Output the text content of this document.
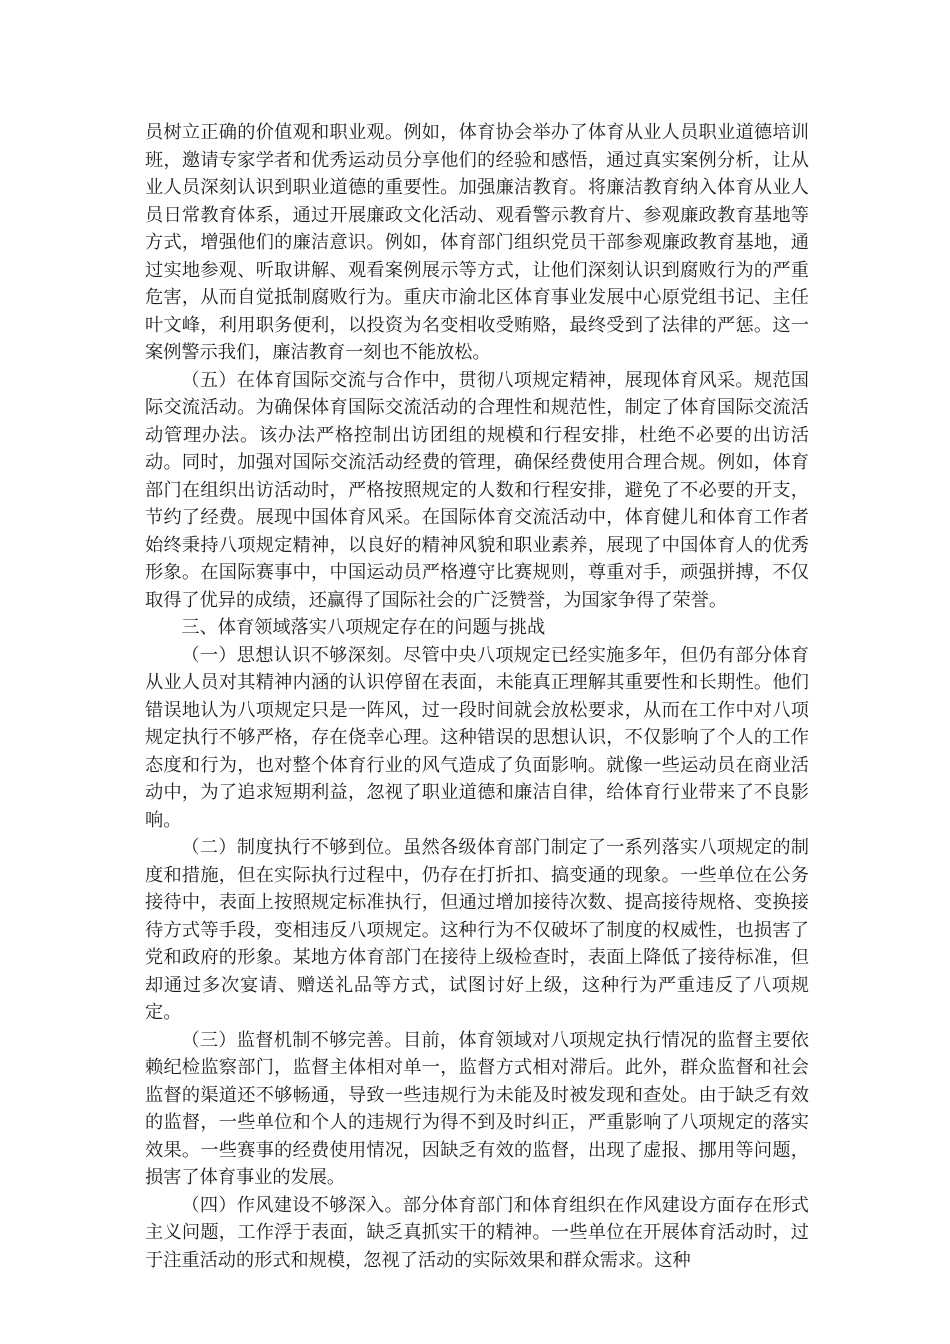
员树立正确的价值观和职业观。例如，体育协会举办了体育从业人员职业道德培训班，邀请专家学者和优秀运动员分享他们的经验和感悟，通过真实案例分析，让从业人员深刻认识到职业道德的重要性。加强廉洁教育。将廉洁教育纳入体育从业人员日常教育体系，通过开展廉政文化活动、观看警示教育片、参观廉政教育基地等方式，增强他们的廉洁意识。例如，体育部门组织党员干部参观廉政教育基地，通过实地参观、听取讲解、观看案例展示等方式，让他们深刻认识到腐败行为的严重危害，从而自觉抵制腐败行为。重庆市渝北区体育事业发展中心原党组书记、主任叶文峰，利用职务便利，以投资为名变相收受贿赂，最终受到了法律的严惩。这一案例警示我们，廉洁教育一刻也不能放松。

（五）在体育国际交流与合作中，贯彻八项规定精神，展现体育风采。规范国际交流活动。为确保体育国际交流活动的合理性和规范性，制定了体育国际交流活动管理办法。该办法严格控制出访团组的规模和行程安排，杜绝不必要的出访活动。同时，加强对国际交流活动经费的管理，确保经费使用合理合规。例如，体育部门在组织出访活动时，严格按照规定的人数和行程安排，避免了不必要的开支，节约了经费。展现中国体育风采。在国际体育交流活动中，体育健儿和体育工作者始终秉持八项规定精神，以良好的精神风貌和职业素养，展现了中国体育人的优秀形象。在国际赛事中，中国运动员严格遵守比赛规则，尊重对手，顽强拼搏，不仅取得了优异的成绩，还赢得了国际社会的广泛赞誉，为国家争得了荣誉。

三、体育领域落实八项规定存在的问题与挑战

（一）思想认识不够深刻。尽管中央八项规定已经实施多年，但仍有部分体育从业人员对其精神内涵的认识停留在表面，未能真正理解其重要性和长期性。他们错误地认为八项规定只是一阵风，过一段时间就会放松要求，从而在工作中对八项规定执行不够严格，存在侥幸心理。这种错误的思想认识，不仅影响了个人的工作态度和行为，也对整个体育行业的风气造成了负面影响。就像一些运动员在商业活动中，为了追求短期利益，忽视了职业道德和廉洁自律，给体育行业带来了不良影响。

（二）制度执行不够到位。虽然各级体育部门制定了一系列落实八项规定的制度和措施，但在实际执行过程中，仍存在打折扣、搞变通的现象。一些单位在公务接待中，表面上按照规定标准执行，但通过增加接待次数、提高接待规格、变换接待方式等手段，变相违反八项规定。这种行为不仅破坏了制度的权威性，也损害了党和政府的形象。某地方体育部门在接待上级检查时，表面上降低了接待标准，但却通过多次宴请、赠送礼品等方式，试图讨好上级，这种行为严重违反了八项规定。

（三）监督机制不够完善。目前，体育领域对八项规定执行情况的监督主要依赖纪检监察部门，监督主体相对单一，监督方式相对滞后。此外，群众监督和社会监督的渠道还不够畅通，导致一些违规行为未能及时被发现和查处。由于缺乏有效的监督，一些单位和个人的违规行为得不到及时纠正，严重影响了八项规定的落实效果。一些赛事的经费使用情况，因缺乏有效的监督，出现了虚报、挪用等问题，损害了体育事业的发展。

（四）作风建设不够深入。部分体育部门和体育组织在作风建设方面存在形式主义问题，工作浮于表面，缺乏真抓实干的精神。一些单位在开展体育活动时，过于注重活动的形式和规模，忽视了活动的实际效果和群众需求。这种
